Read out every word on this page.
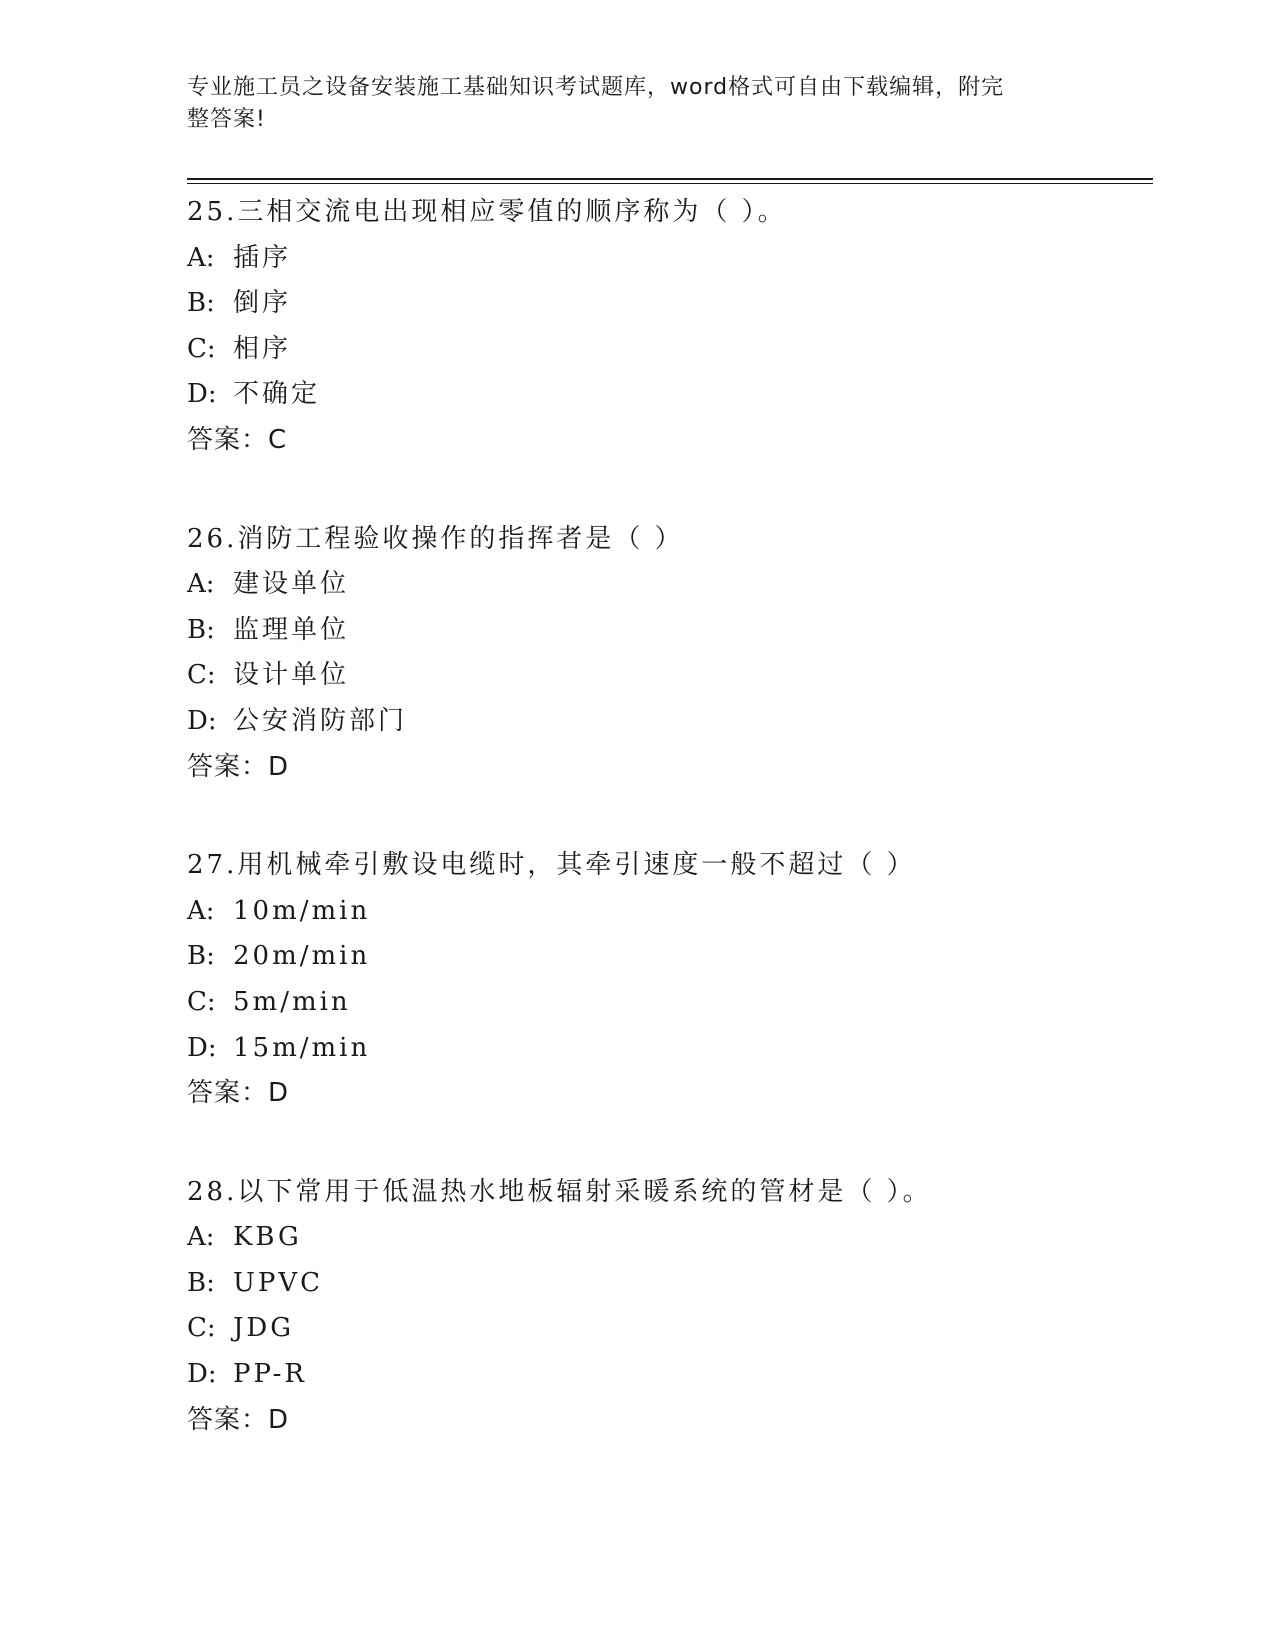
专业施工员之设备安装施工基础知识考试题库，word格式可自由下载编辑，附完
整答案!
25.三相交流电出现相应零值的顺序称为（ ）。
A: 插序
B: 倒序
C: 相序
D: 不确定
答案：C
26.消防工程验收操作的指挥者是（ ）
A: 建设单位
B: 监理单位
C: 设计单位
D: 公安消防部门
答案：D
27.用机械牵引敷设电缆时，其牵引速度一般不超过（ ）
A: 10m/min
B: 20m/min
C: 5m/min
D: 15m/min
答案：D
28.以下常用于低温热水地板辐射采暖系统的管材是（ ）。
A: KBG
B: UPVC
C: JDG
D: PP-R
答案：D
